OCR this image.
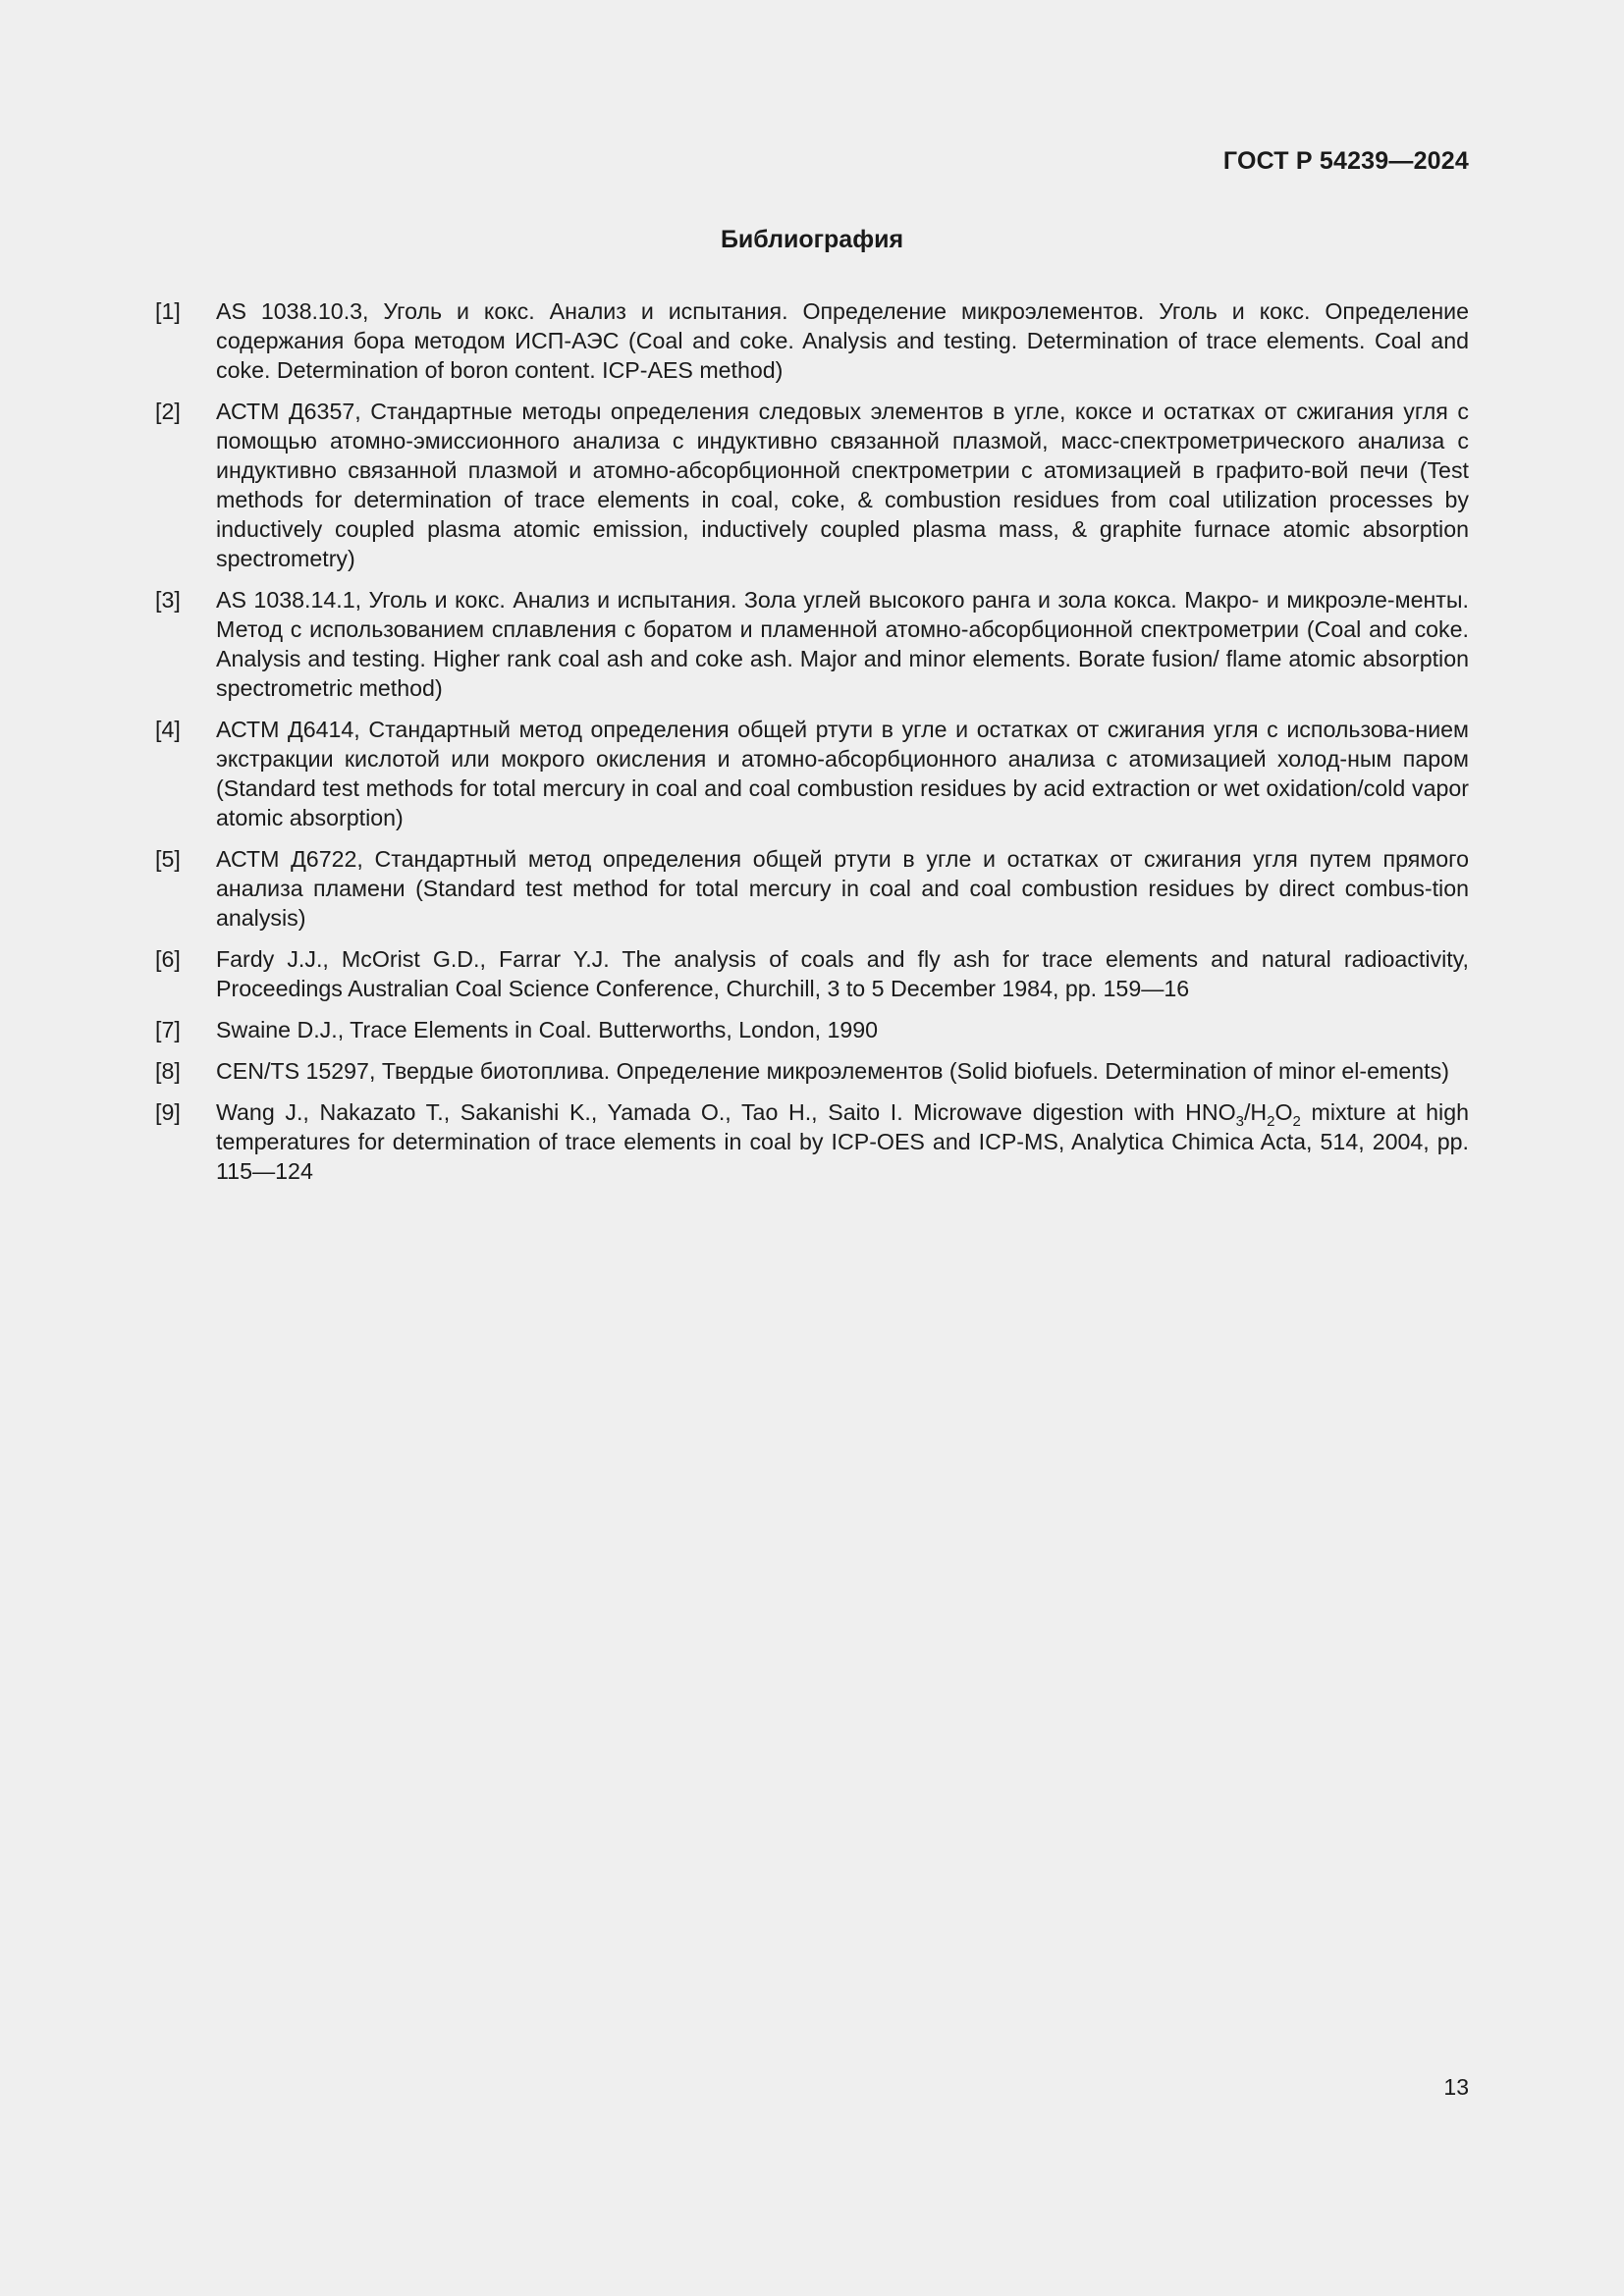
ГОСТ Р 54239—2024
Библиография
[1]	AS 1038.10.3, Уголь и кокс. Анализ и испытания. Определение микроэлементов. Уголь и кокс. Определение содержания бора методом ИСП-АЭС (Coal and coke. Analysis and testing. Determination of trace elements. Coal and coke. Determination of boron content. ICP-AES method)
[2]	АСТМ Д6357, Стандартные методы определения следовых элементов в угле, коксе и остатках от сжигания угля с помощью атомно-эмиссионного анализа с индуктивно связанной плазмой, масс-спектрометрического анализа с индуктивно связанной плазмой и атомно-абсорбционной спектрометрии с атомизацией в графито-вой печи (Test methods for determination of trace elements in coal, coke, & combustion residues from coal utilization processes by inductively coupled plasma atomic emission, inductively coupled plasma mass, & graphite furnace atomic absorption spectrometry)
[3]	AS 1038.14.1, Уголь и кокс. Анализ и испытания. Зола углей высокого ранга и зола кокса. Макро- и микроэле-менты. Метод с использованием сплавления с боратом и пламенной атомно-абсорбционной спектрометрии (Coal and coke. Analysis and testing. Higher rank coal ash and coke ash. Major and minor elements. Borate fusion/ flame atomic absorption spectrometric method)
[4]	АСТМ Д6414, Стандартный метод определения общей ртути в угле и остатках от сжигания угля с использова-нием экстракции кислотой или мокрого окисления и атомно-абсорбционного анализа с атомизацией холод-ным паром (Standard test methods for total mercury in coal and coal combustion residues by acid extraction or wet oxidation/cold vapor atomic absorption)
[5]	АСТМ Д6722, Стандартный метод определения общей ртути в угле и остатках от сжигания угля путем прямого анализа пламени (Standard test method for total mercury in coal and coal combustion residues by direct combus-tion analysis)
[6]	Fardy J.J., McOrist G.D., Farrar Y.J. The analysis of coals and fly ash for trace elements and natural radioactivity, Proceedings Australian Coal Science Conference, Churchill, 3 to 5 December 1984, pp. 159—16
[7]	Swaine D.J., Trace Elements in Coal. Butterworths, London, 1990
[8]	CEN/TS 15297, Твердые биотоплива. Определение микроэлементов (Solid biofuels. Determination of minor el-ements)
[9]	Wang J., Nakazato T., Sakanishi K., Yamada O., Tao H., Saito I. Microwave digestion with $HNO_3/H_2O_2$ mixture at high temperatures for determination of trace elements in coal by ICP-OES and ICP-MS, Analytica Chimica Acta, 514, 2004, pp. 115—124
13
